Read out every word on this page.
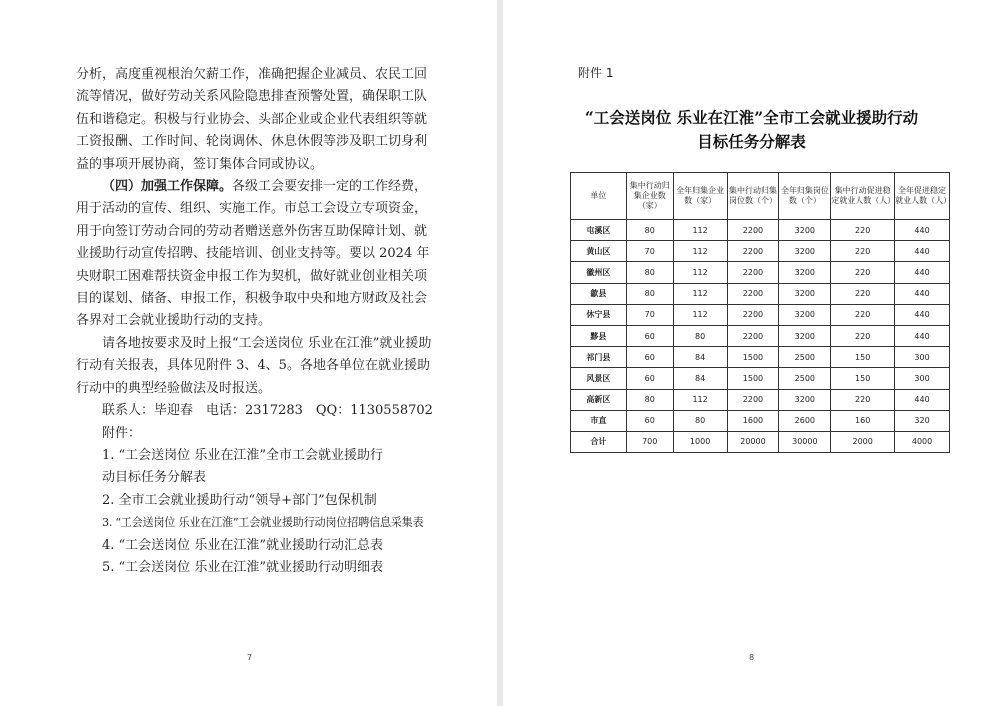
分析，高度重视根治欠薪工作，准确把握企业减员、农民工回流等情况，做好劳动关系风险隐患排查预警处置，确保职工队伍和谐稳定。积极与行业协会、头部企业或企业代表组织等就工资报酬、工作时间、轮岗调休、休息休假等涉及职工切身利益的事项开展协商，签订集体合同或协议。

（四）加强工作保障。各级工会要安排一定的工作经费，用于活动的宣传、组织、实施工作。市总工会设立专项资金，用于向签订劳动合同的劳动者赠送意外伤害互助保障计划、就业援助行动宣传招聘、技能培训、创业支持等。要以 2024 年央财职工困难帮扶资金申报工作为契机，做好就业创业相关项目的谋划、储备、申报工作，积极争取中央和地方财政及社会各界对工会就业援助行动的支持。

请各地按要求及时上报“工会送岗位 乐业在江淮”就业援助行动有关报表，具体见附件 3、4、5。各地各单位在就业援助行动中的典型经验做法及时报送。

联系人：毕迎春　电话：2317283　QQ：1130558702

附件：

1. “工会送岗位 乐业在江淮”全市工会就业援助行

动目标任务分解表

2. 全市工会就业援助行动“领导+部门”包保机制

3. “工会送岗位 乐业在江淮”工会就业援助行动岗位招聘信息采集表

4. “工会送岗位 乐业在江淮”就业援助行动汇总表

5. “工会送岗位 乐业在江淮”就业援助行动明细表

7
附件 1
“工会送岗位 乐业在江淮”全市工会就业援助行动
目标任务分解表
单位	集中行动归集企业数（家）	全年归集企业数（家）	集中行动归集岗位数（个）	全年归集岗位数（个）	集中行动促进稳定就业人数（人）	全年促进稳定就业人数（人）
屯溪区	80	112	2200	3200	220	440
黄山区	70	112	2200	3200	220	440
徽州区	80	112	2200	3200	220	440
歙县	80	112	2200	3200	220	440
休宁县	70	112	2200	3200	220	440
黟县	60	80	2200	3200	220	440
祁门县	60	84	1500	2500	150	300
风景区	60	84	1500	2500	150	300
高新区	80	112	2200	3200	220	440
市直	60	80	1600	2600	160	320
合计	700	1000	20000	30000	2000	4000
8
